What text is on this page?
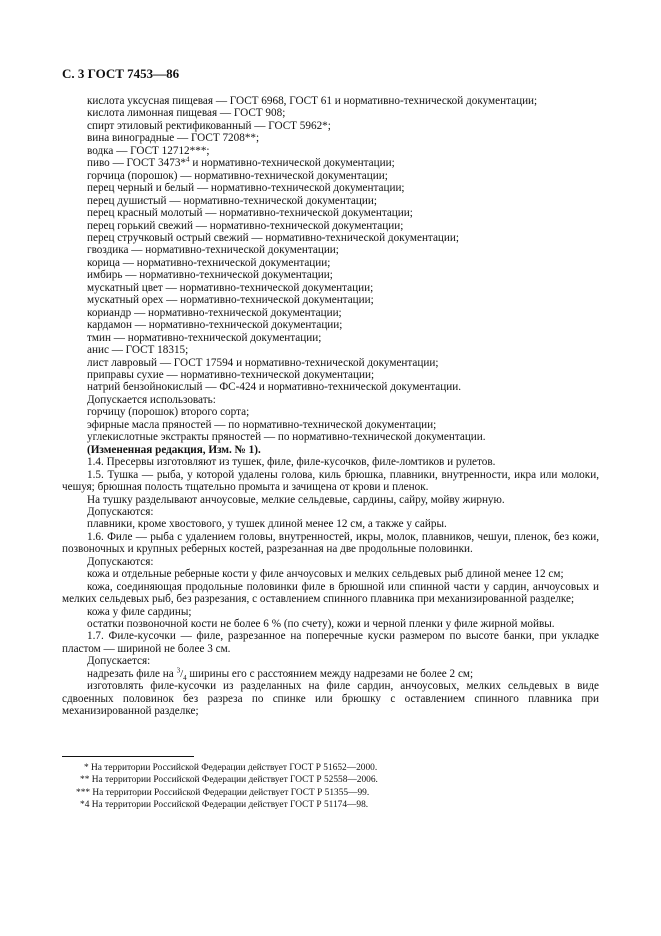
С. 3 ГОСТ 7453—86
кислота уксусная пищевая — ГОСТ 6968, ГОСТ 61 и нормативно-технической документации;
кислота лимонная пищевая — ГОСТ 908;
спирт этиловый ректификованный — ГОСТ 5962*;
вина виноградные — ГОСТ 7208**;
водка — ГОСТ 12712***;
пиво — ГОСТ 3473*$^4$ и нормативно-технической документации;
горчица (порошок) — нормативно-технической документации;
перец черный и белый — нормативно-технической документации;
перец душистый — нормативно-технической документации;
перец красный молотый — нормативно-технической документации;
перец горький свежий — нормативно-технической документации;
перец стручковый острый свежий — нормативно-технической документации;
гвоздика — нормативно-технической документации;
корица — нормативно-технической документации;
имбирь — нормативно-технической документации;
мускатный цвет — нормативно-технической документации;
мускатный орех — нормативно-технической документации;
кориандр — нормативно-технической документации;
кардамон — нормативно-технической документации;
тмин — нормативно-технической документации;
анис — ГОСТ 18315;
лист лавровый — ГОСТ 17594 и нормативно-технической документации;
приправы сухие — нормативно-технической документации;
натрий бензойнокислый — ФС-424 и нормативно-технической документации.
Допускается использовать:
горчицу (порошок) второго сорта;
эфирные масла пряностей — по нормативно-технической документации;
углекислотные экстракты пряностей — по нормативно-технической документации.
(Измененная редакция, Изм. № 1).
1.4. Пресервы изготовляют из тушек, филе, филе-кусочков, филе-ломтиков и рулетов.
1.5. Тушка — рыба, у которой удалены голова, киль брюшка, плавники, внутренности, икра или молоки, чешуя; брюшная полость тщательно промыта и зачищена от крови и пленок.
На тушку разделывают анчоусовые, мелкие сельдевые, сардины, сайру, мойву жирную.
Допускаются:
плавники, кроме хвостового, у тушек длиной менее 12 см, а также у сайры.
1.6. Филе — рыба с удалением головы, внутренностей, икры, молок, плавников, чешуи, пленок, без кожи, позвоночных и крупных реберных костей, разрезанная на две продольные половинки.
Допускаются:
кожа и отдельные реберные кости у филе анчоусовых и мелких сельдевых рыб длиной менее 12 см;
кожа, соединяющая продольные половинки филе в брюшной или спинной части у сардин, анчоусовых и мелких сельдевых рыб, без разрезания, с оставлением спинного плавника при механизированной разделке;
кожа у филе сардины;
остатки позвоночной кости не более 6 % (по счету), кожи и черной пленки у филе жирной мойвы.
1.7. Филе-кусочки — филе, разрезанное на поперечные куски размером по высоте банки, при укладке пластом — шириной не более 3 см.
Допускается:
надрезать филе на $^3/_4$ ширины его с расстоянием между надрезами не более 2 см;
изготовлять филе-кусочки из разделанных на филе сардин, анчоусовых, мелких сельдевых в виде сдвоенных половинок без разреза по спинке или брюшку с оставлением спинного плавника при механизированной разделке;
* На территории Российской Федерации действует ГОСТ Р 51652—2000.
** На территории Российской Федерации действует ГОСТ Р 52558—2006.
*** На территории Российской Федерации действует ГОСТ Р 51355—99.
*4 На территории Российской Федерации действует ГОСТ Р 51174—98.
